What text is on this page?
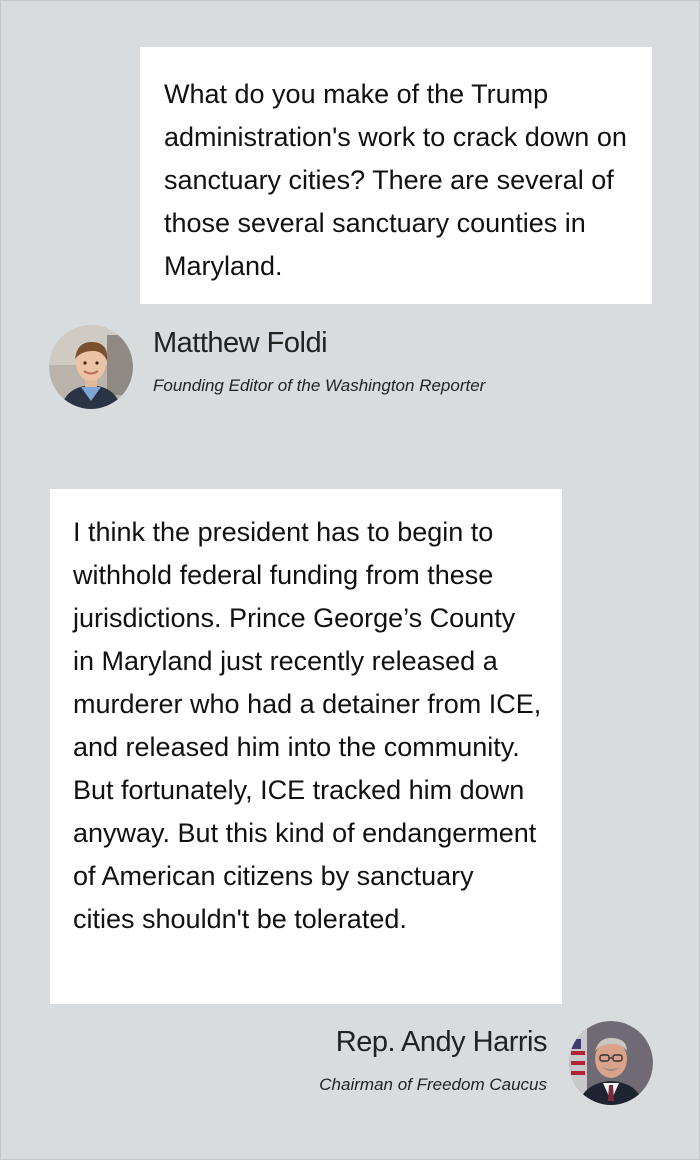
What do you make of the Trump administration's work to crack down on sanctuary cities? There are several of those several sanctuary counties in Maryland.
Matthew Foldi
Founding Editor of the Washington Reporter
I think the president has to begin to withhold federal funding from these jurisdictions. Prince George’s County in Maryland just recently released a murderer who had a detainer from ICE, and released him into the community. But fortunately, ICE tracked him down anyway. But this kind of endangerment of American citizens by sanctuary cities shouldn't be tolerated.
Rep. Andy Harris
Chairman of Freedom Caucus
